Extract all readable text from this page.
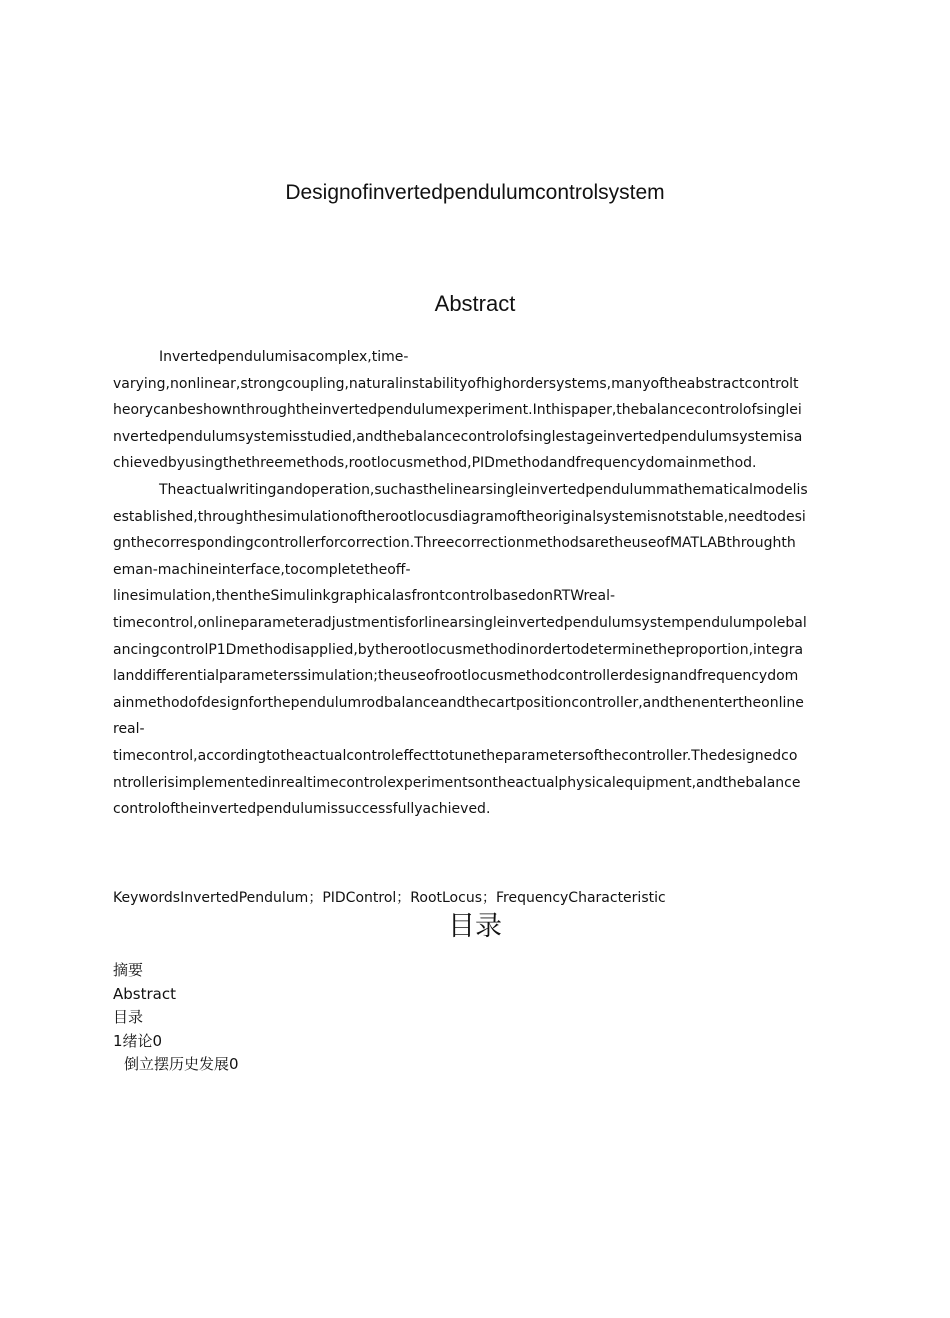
Designofinvertedpendulumcontrolsystem
Abstract
Invertedpendulumisacomplex,time-
varying,nonlinear,strongcoupling,naturalinstabilityofhighordersystems,manyoftheabstractcontrolt
heorycanbeshownthroughtheinvertedpendulumexperiment.Inthispaper,thebalancecontrolofsinglei
nvertedpendulumsystemisstudied,andthebalancecontrolofsinglestageinvertedpendulumsystemisa
chievedbyusingthethreemethods,rootlocusmethod,PIDmethodandfrequencydomainmethod.
Theactualwritingandoperation,suchasthelinearsingleinvertedpendulummathematicalmodelis
established,throughthesimulationoftherootlocusdiagramoftheoriginalsystemisnotstable,needtodesi
gnthecorrespondingcontrollerforcorrection.ThreecorrectionmethodsaretheuseofMATLABthroughth
eman-machineinterface,tocompletetheoff-
linesimulation,thentheSimulinkgraphicalasfrontcontrolbasedonRTWreal-
timecontrol,onlineparameteradjustmentisforlinearsingleinvertedpendulumsystempendulumpolebal
ancingcontrolP1Dmethodisapplied,bytherootlocusmethodinordertodeterminetheproportion,integra
landdifferentialparameterssimulation;theuseofrootlocusmethodcontrollerdesignandfrequencydom
ainmethodofdesignforthependulumrodbalanceandthecartpositioncontroller,andthenentertheonline
real-
timecontrol,accordingtotheactualcontroleffecttotunetheparametersofthecontroller.Thedesignedco
ntrollerisimplementedinrealtimecontrolexperimentsontheactualphysicalequipment,andthebalance
controloftheinvertedpendulumissuccessfullyachieved.
KeywordsInvertedPendulum；PIDControl；RootLocus；FrequencyCharacteristic
目录
摘要
Abstract
目录
1绪论0
倒立摆历史发展0
